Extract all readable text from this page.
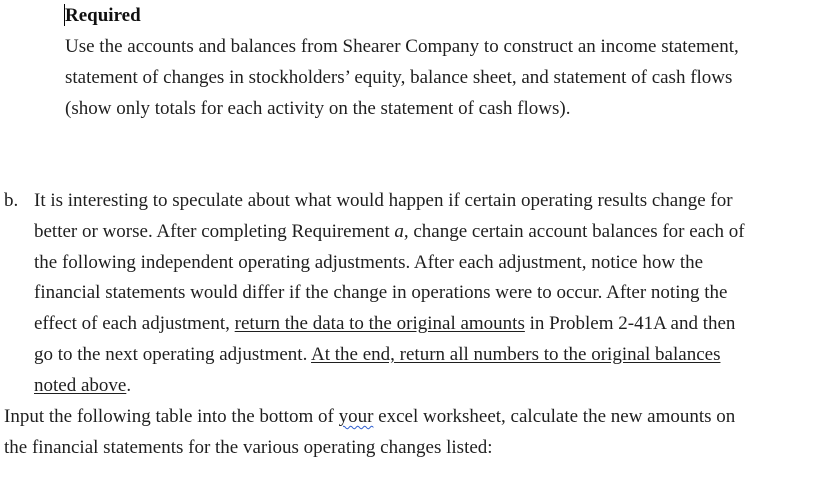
Required

Use the accounts and balances from Shearer Company to construct an income statement,
statement of changes in stockholders’ equity, balance sheet, and statement of cash flows
(show only totals for each activity on the statement of cash flows).

b. It is interesting to speculate about what would happen if certain operating results change for
better or worse. After completing Requirement a, change certain account balances for each of
the following independent operating adjustments. After each adjustment, notice how the
financial statements would differ if the change in operations were to occur. After noting the
effect of each adjustment, return the data to the original amounts in Problem 2-41A and then
go to the next operating adjustment. At the end, return all numbers to the original balances
noted above.

Input the following table into the bottom of your excel worksheet, calculate the new amounts on
the financial statements for the various operating changes listed:
